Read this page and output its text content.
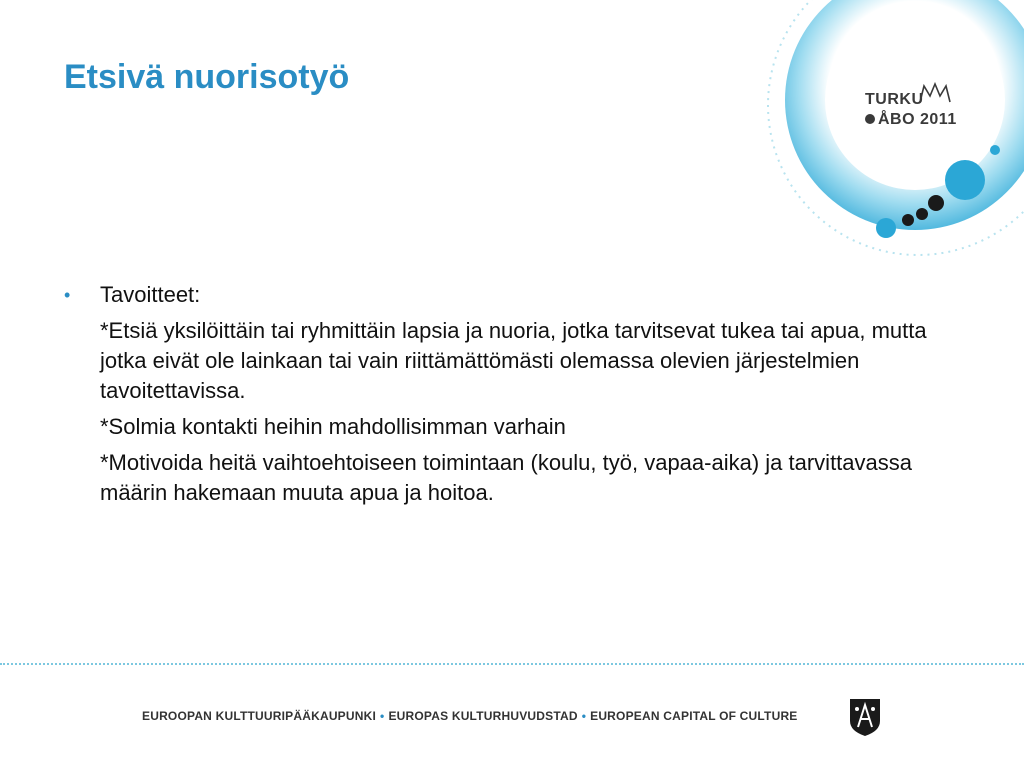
Etsivä nuorisotyö
TURKU
ÅBO 2011
•	Tavoitteet:
*Etsiä yksilöittäin tai ryhmittäin lapsia ja nuoria, jotka tarvitsevat tukea tai apua, mutta jotka eivät ole lainkaan tai vain riittämättömästi olemassa olevien järjestelmien tavoitettavissa.
*Solmia kontakti heihin mahdollisimman varhain
*Motivoida heitä vaihtoehtoiseen toimintaan (koulu, työ, vapaa-aika) ja tarvittavassa määrin hakemaan muuta apua ja hoitoa.
EUROOPAN KULTTUURIPÄÄKAUPUNKI • EUROPAS KULTURHUVUDSTAD • EUROPEAN CAPITAL OF CULTURE
